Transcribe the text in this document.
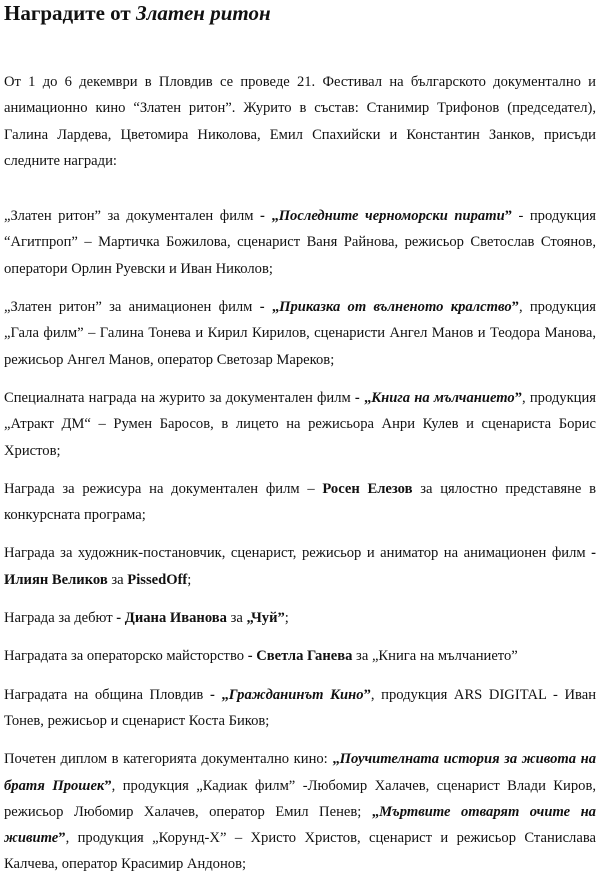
Наградите от Златен ритон

От 1 до 6 декември в Пловдив се проведе 21. Фестивал на българското документално и анимационно кино “Златен ритон”. Журито в състав: Станимир Трифонов (председател), Галина Лардева, Цветомира Николова, Емил Спахийски и Константин Занков, присъди следните награди:

„Златен ритон” за документален филм - „Последните черноморски пирати” - продукция “Агитпроп” – Мартичка Божилова, сценарист Ваня Райнова, режисьор Светослав Стоянов, оператори Орлин Руевски и Иван Николов;
„Златен ритон” за анимационен филм - „Приказка от вълненото кралство”, продукция „Гала филм” – Галина Тонева и Кирил Кирилов, сценаристи Ангел Манов и Теодора Манова, режисьор Ангел Манов, оператор Светозар Мареков;
Специалната награда на журито за документален филм - „Книга на мълчанието”, продукция „Атракт ДМ“ – Румен Баросов, в лицето на режисьора Анри Кулев и сценариста Борис Христов;
Награда за режисура на документален филм – Росен Елезов за цялостно представяне в конкурсната програма;
Награда за художник-постановчик, сценарист, режисьор и аниматор на анимационен филм - Илиян Великов за PissedOff;
Награда за дебют - Диана Иванова за „Чуй”;
Наградата за операторско майсторство - Светла Ганева за „Книга на мълчанието”
Наградата на община Пловдив - „Гражданинът Кино”, продукция ARS DIGITAL - Иван Тонев, режисьор и сценарист Коста Биков;
Почетен диплом в категорията документално кино: „Поучителната история за живота на братя Прошек”, продукция „Кадиак филм” -Любомир Халачев, сценарист Влади Киров, режисьор Любомир Халачев, оператор Емил Пенев; „Мъртвите отварят очите на живите”, продукция „Корунд-Х” – Христо Христов, сценарист и режисьор Станислава Калчева, оператор Красимир Андонов;
